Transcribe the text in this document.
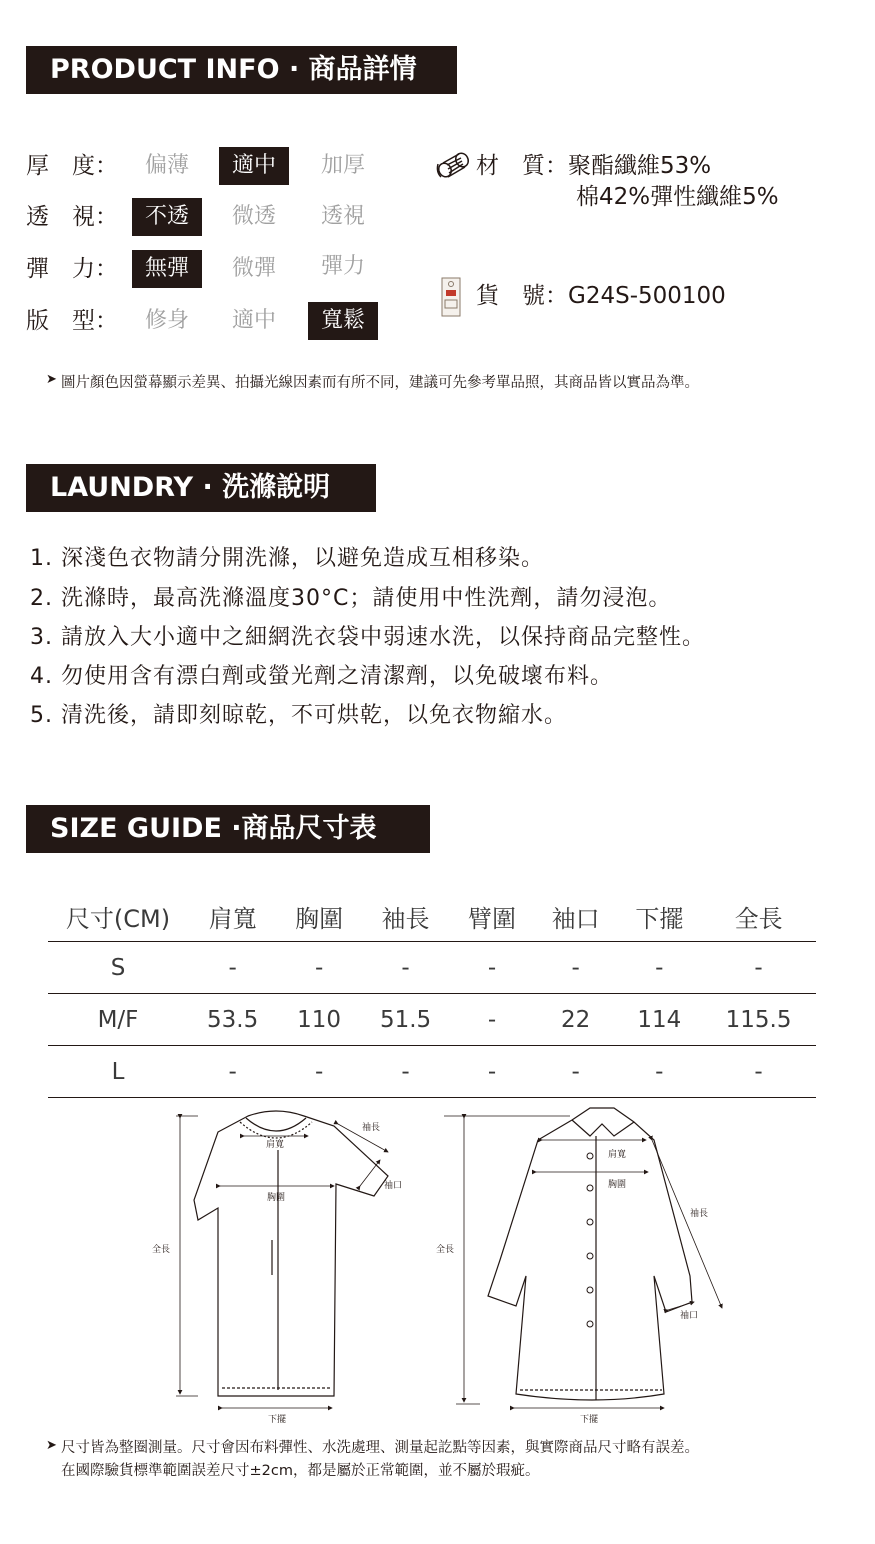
PRODUCT INFO · 商品詳情
厚　度：	偏薄	適中	加厚
透　視：	不透	微透	透視
彈　力：	無彈	微彈	彈力
版　型：	修身	適中	寬鬆
材　質：聚酯纖維53%
棉42%彈性纖維5%
貨　號：G24S-500100
➤ 圖片顏色因螢幕顯示差異、拍攝光線因素而有所不同，建議可先參考單品照，其商品皆以實品為準。
LAUNDRY · 洗滌說明
1. 深淺色衣物請分開洗滌，以避免造成互相移染。
2. 洗滌時，最高洗滌溫度30°C；請使用中性洗劑，請勿浸泡。
3. 請放入大小適中之細網洗衣袋中弱速水洗，以保持商品完整性。
4. 勿使用含有漂白劑或螢光劑之清潔劑，以免破壞布料。
5. 清洗後，請即刻晾乾，不可烘乾，以免衣物縮水。
SIZE GUIDE ·商品尺寸表
尺寸(CM)	肩寬	胸圍	袖長	臂圍	袖口	下擺	全長
S	-	-	-	-	-	-	-
M/F	53.5	110	51.5	-	22	114	115.5
L	-	-	-	-	-	-	-
肩寬
胸圍
袖長
袖口
全長
下擺
肩寬
胸圍
袖長
袖口
全長
下擺
➤ 尺寸皆為整圈測量。尺寸會因布料彈性、水洗處理、測量起訖點等因素，與實際商品尺寸略有誤差。
在國際驗貨標準範圍誤差尺寸±2cm，都是屬於正常範圍，並不屬於瑕疵。
